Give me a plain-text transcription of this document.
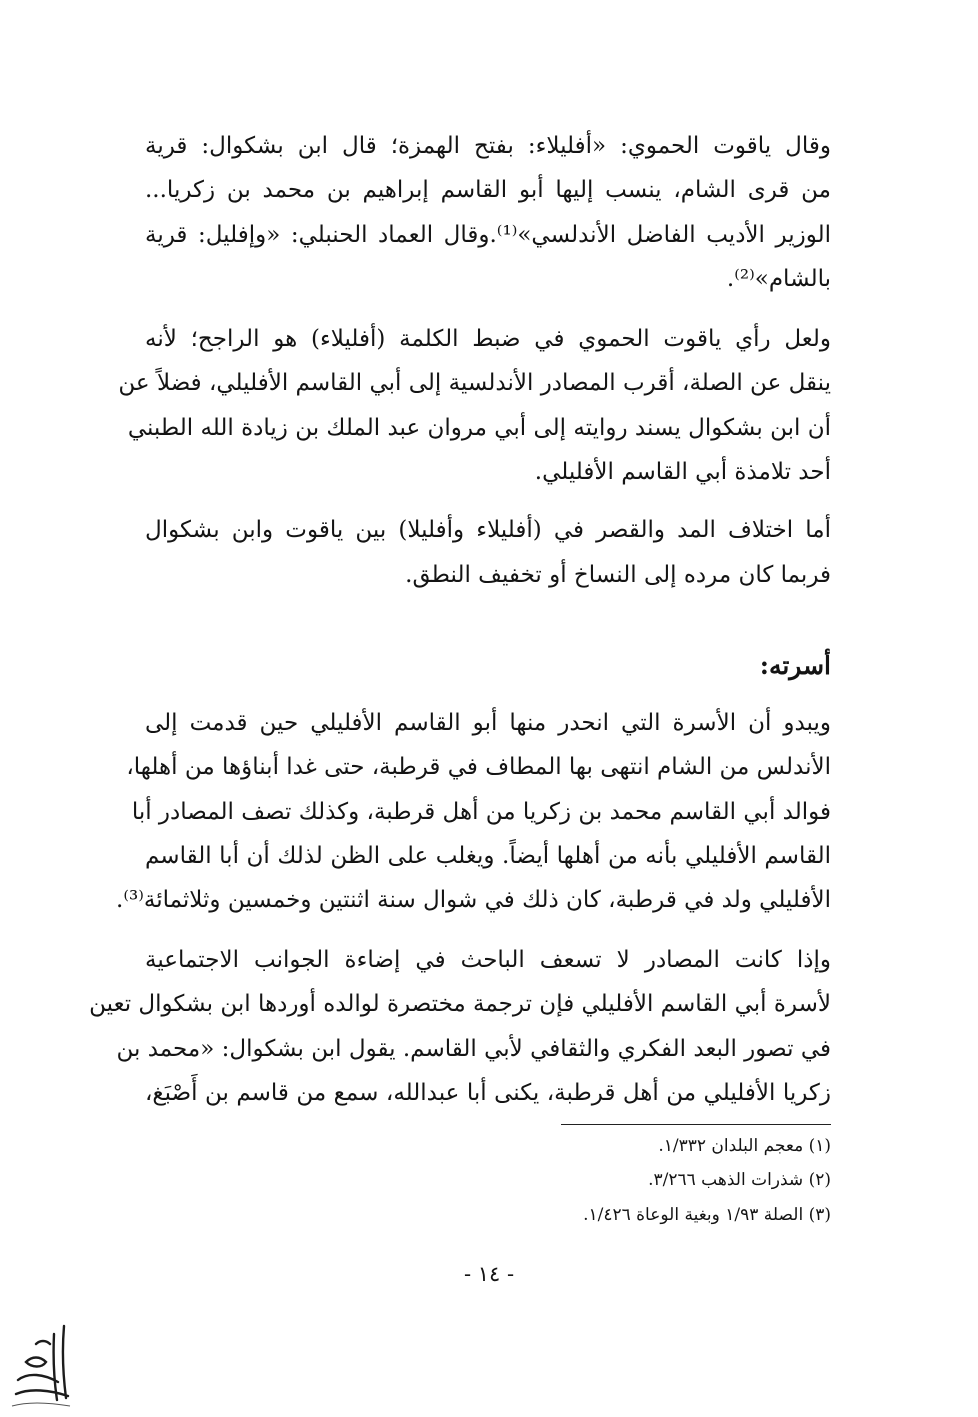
وقال ياقوت الحموي: «أفليلاء: بفتح الهمزة؛ قال ابن بشكوال: قرية
من قرى الشام، ينسب إليها أبو القاسم إبراهيم بن محمد بن زكريا...
الوزير الأديب الفاضل الأندلسي»⁽¹⁾.وقال العماد الحنبلي: «وإفليل: قرية
بالشام»⁽²⁾.
ولعل رأي ياقوت الحموي في ضبط الكلمة (أفليلاء) هو الراجح؛ لأنه
ينقل عن الصلة، أقرب المصادر الأندلسية إلى أبي القاسم الأفليلي، فضلاً عن
أن ابن بشكوال يسند روايته إلى أبي مروان عبد الملك بن زيادة الله الطبني
أحد تلامذة أبي القاسم الأفليلي.
أما اختلاف المد والقصر في (أفليلاء وأفليلا) بين ياقوت وابن بشكوال
فربما كان مرده إلى النساخ أو تخفيف النطق.
أسرته:
ويبدو أن الأسرة التي انحدر منها أبو القاسم الأفليلي حين قدمت إلى
الأندلس من الشام انتهى بها المطاف في قرطبة، حتى غدا أبناؤها من أهلها،
فوالد أبي القاسم محمد بن زكريا من أهل قرطبة، وكذلك تصف المصادر أبا
القاسم الأفليلي بأنه من أهلها أيضاً. ويغلب على الظن لذلك أن أبا القاسم
الأفليلي ولد في قرطبة، كان ذلك في شوال سنة اثنتين وخمسين وثلاثمائة⁽³⁾.
وإذا كانت المصادر لا تسعف الباحث في إضاءة الجوانب الاجتماعية
لأسرة أبي القاسم الأفليلي فإن ترجمة مختصرة لوالده أوردها ابن بشكوال تعين
في تصور البعد الفكري والثقافي لأبي القاسم. يقول ابن بشكوال: «محمد بن
زكريا الأفليلي من أهل قرطبة، يكنى أبا عبدالله، سمع من قاسم بن أَصْبَغ،
(١) معجم البلدان ١/٣٣٢.
(٢) شذرات الذهب ٣/٢٦٦.
(٣) الصلة ١/٩٣ وبغية الوعاة ١/٤٢٦.
- ١٤ -
